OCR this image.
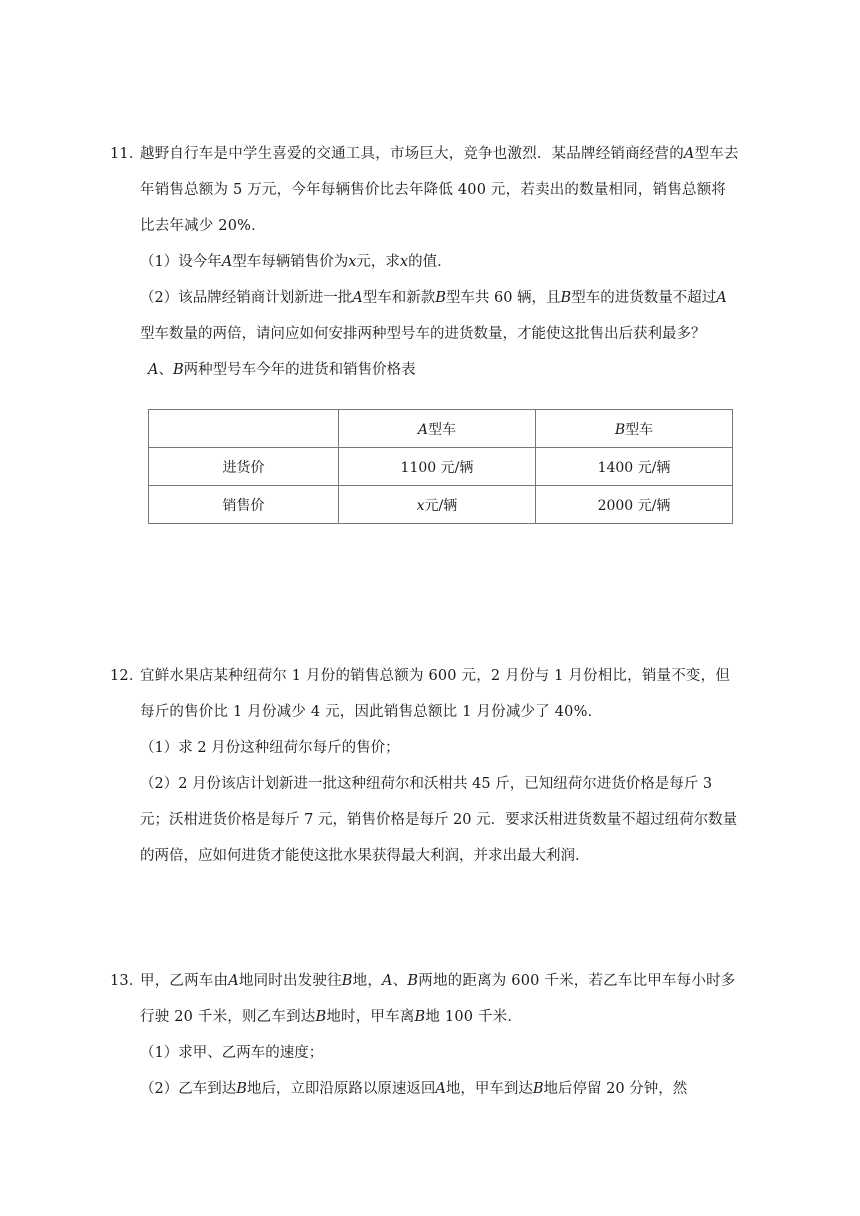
11．越野自行车是中学生喜爱的交通工具，市场巨大，竞争也激烈．某品牌经销商经营的A型车去年销售总额为 5 万元，今年每辆售价比去年降低 400 元，若卖出的数量相同，销售总额将比去年减少 20%．

（1）设今年A型车每辆销售价为x元，求x的值．

（2）该品牌经销商计划新进一批A型车和新款B型车共 60 辆，且B型车的进货数量不超过A型车数量的两倍，请问应如何安排两种型号车的进货数量，才能使这批售出后获利最多？

A、B两种型号车今年的进货和销售价格表

	A型车	B型车
进货价	1100 元/辆	1400 元/辆
销售价	x元/辆	2000 元/辆

12．宜鲜水果店某种纽荷尔 1 月份的销售总额为 600 元，2 月份与 1 月份相比，销量不变，但每斤的售价比 1 月份减少 4 元，因此销售总额比 1 月份减少了 40%．

（1）求 2 月份这种纽荷尔每斤的售价；

（2）2 月份该店计划新进一批这种纽荷尔和沃柑共 45 斤，已知纽荷尔进货价格是每斤 3 元；沃柑进货价格是每斤 7 元，销售价格是每斤 20 元．要求沃柑进货数量不超过纽荷尔数量的两倍，应如何进货才能使这批水果获得最大利润，并求出最大利润．

13．甲，乙两车由A地同时出发驶往B地，A、B两地的距离为 600 千米，若乙车比甲车每小时多行驶 20 千米，则乙车到达B地时，甲车离B地 100 千米．

（1）求甲、乙两车的速度；

（2）乙车到达B地后，立即沿原路以原速返回A地，甲车到达B地后停留 20 分钟，然
